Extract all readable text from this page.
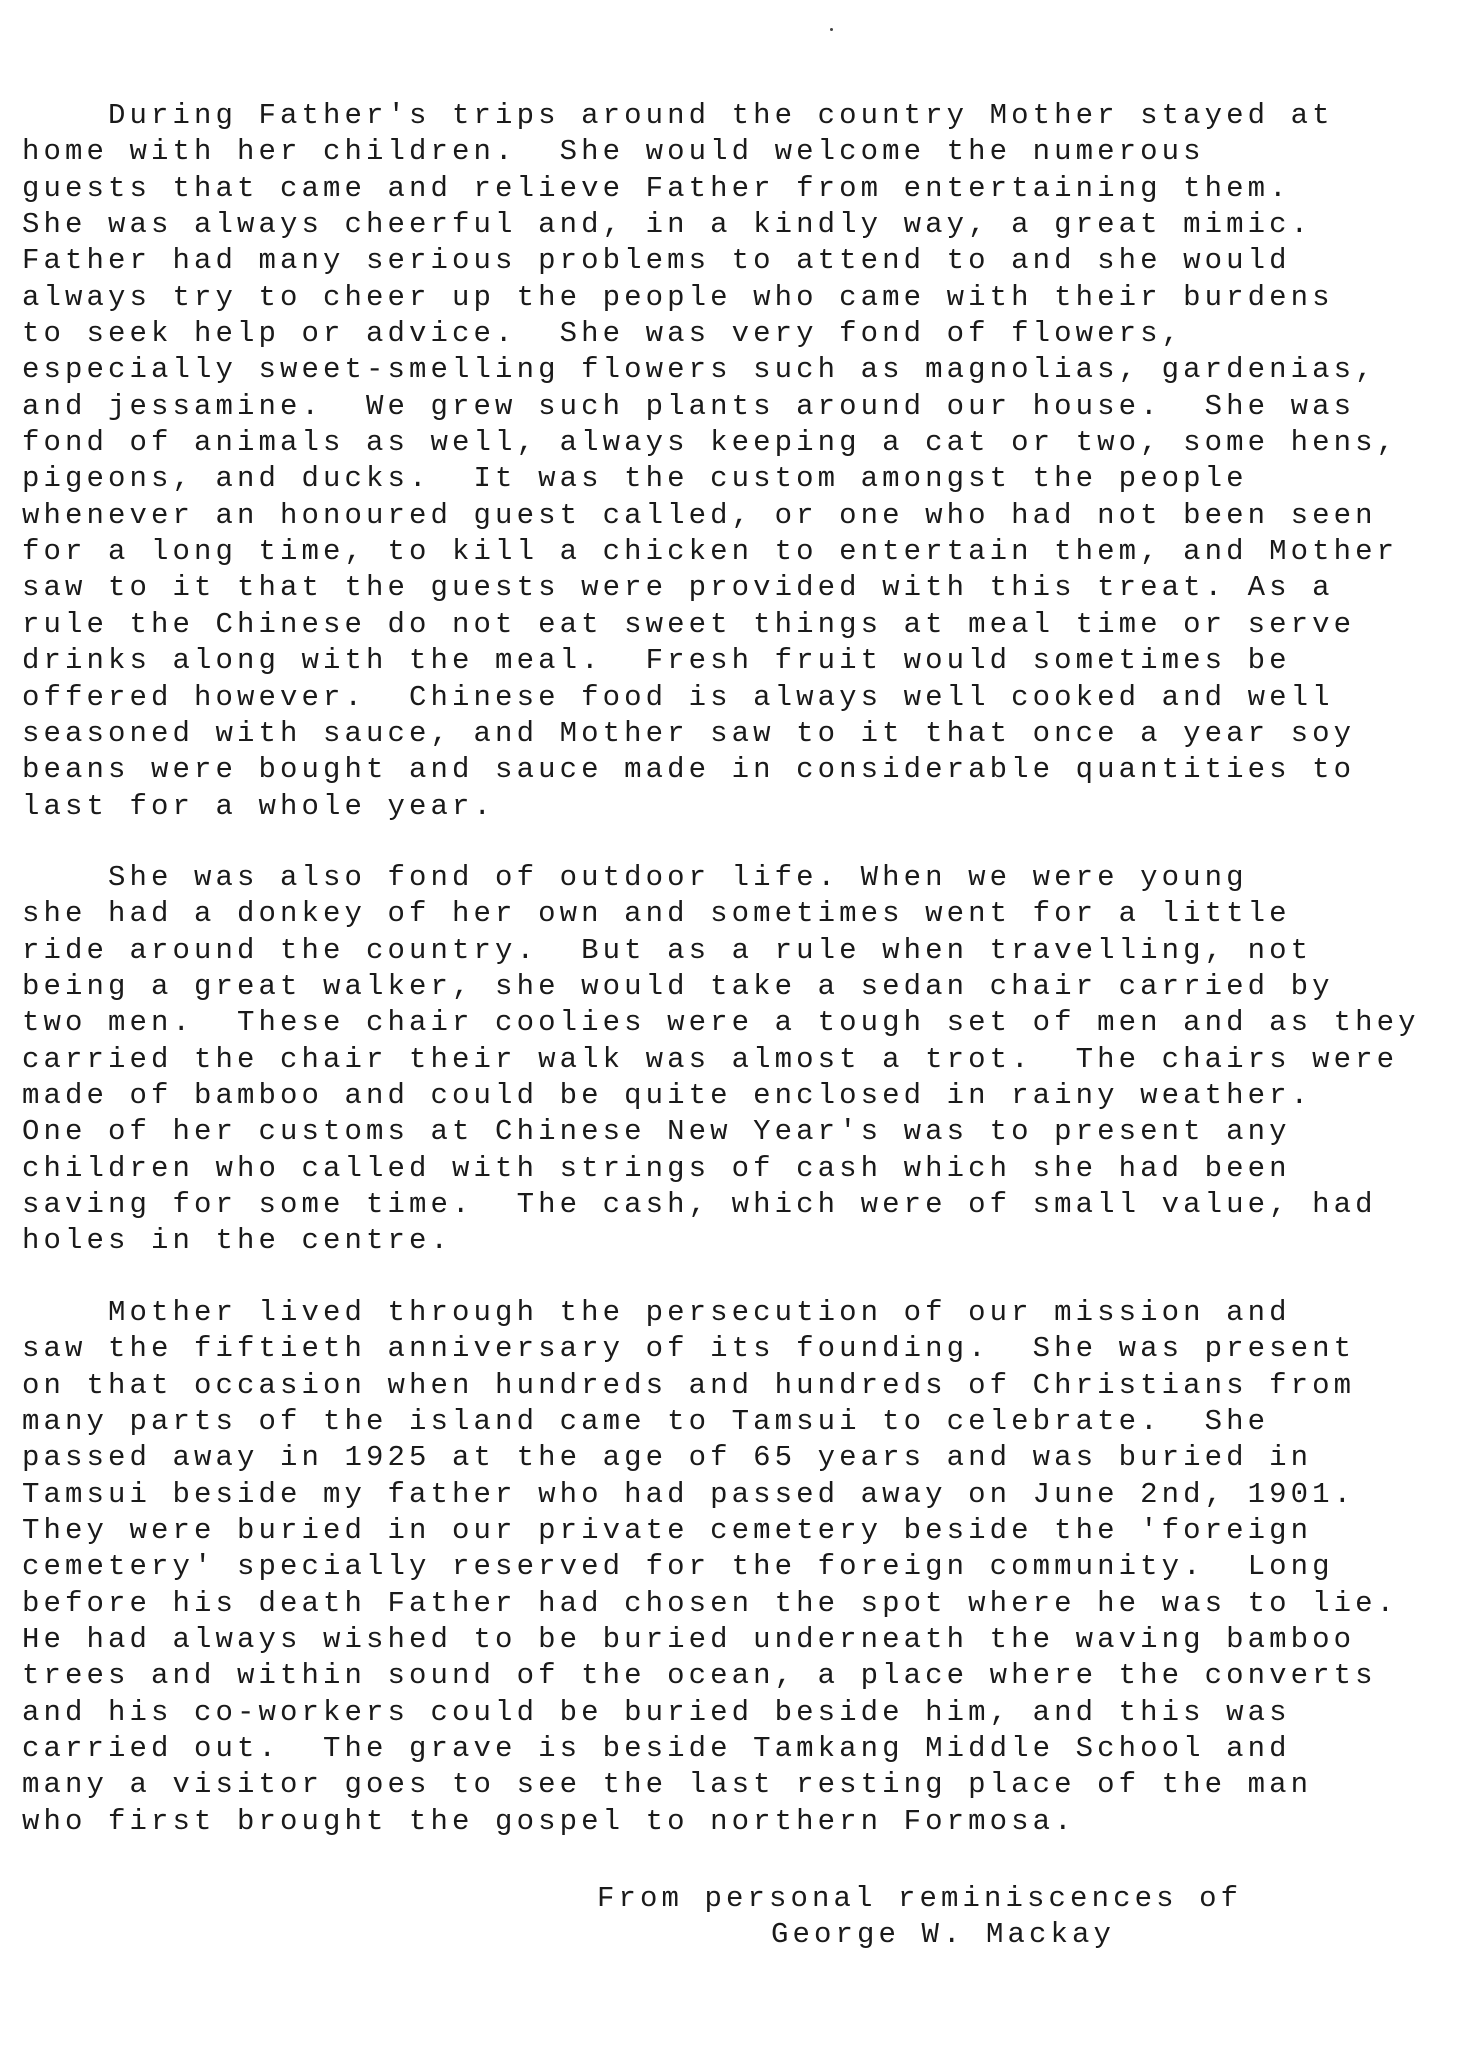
During Father's trips around the country Mother stayed at
home with her children.  She would welcome the numerous
guests that came and relieve Father from entertaining them.
She was always cheerful and, in a kindly way, a great mimic.
Father had many serious problems to attend to and she would
always try to cheer up the people who came with their burdens
to seek help or advice.  She was very fond of flowers,
especially sweet-smelling flowers such as magnolias, gardenias,
and jessamine.  We grew such plants around our house.  She was
fond of animals as well, always keeping a cat or two, some hens,
pigeons, and ducks.  It was the custom amongst the people
whenever an honoured guest called, or one who had not been seen
for a long time, to kill a chicken to entertain them, and Mother
saw to it that the guests were provided with this treat. As a
rule the Chinese do not eat sweet things at meal time or serve
drinks along with the meal.  Fresh fruit would sometimes be
offered however.  Chinese food is always well cooked and well
seasoned with sauce, and Mother saw to it that once a year soy
beans were bought and sauce made in considerable quantities to
last for a whole year.
She was also fond of outdoor life. When we were young
she had a donkey of her own and sometimes went for a little
ride around the country.  But as a rule when travelling, not
being a great walker, she would take a sedan chair carried by
two men.  These chair coolies were a tough set of men and as they
carried the chair their walk was almost a trot.  The chairs were
made of bamboo and could be quite enclosed in rainy weather.
One of her customs at Chinese New Year's was to present any
children who called with strings of cash which she had been
saving for some time.  The cash, which were of small value, had
holes in the centre.
Mother lived through the persecution of our mission and
saw the fiftieth anniversary of its founding.  She was present
on that occasion when hundreds and hundreds of Christians from
many parts of the island came to Tamsui to celebrate.  She
passed away in 1925 at the age of 65 years and was buried in
Tamsui beside my father who had passed away on June 2nd, 1901.
They were buried in our private cemetery beside the 'foreign
cemetery' specially reserved for the foreign community.  Long
before his death Father had chosen the spot where he was to lie.
He had always wished to be buried underneath the waving bamboo
trees and within sound of the ocean, a place where the converts
and his co-workers could be buried beside him, and this was
carried out.  The grave is beside Tamkang Middle School and
many a visitor goes to see the last resting place of the man
who first brought the gospel to northern Formosa.
From personal reminiscences of
George W. Mackay
